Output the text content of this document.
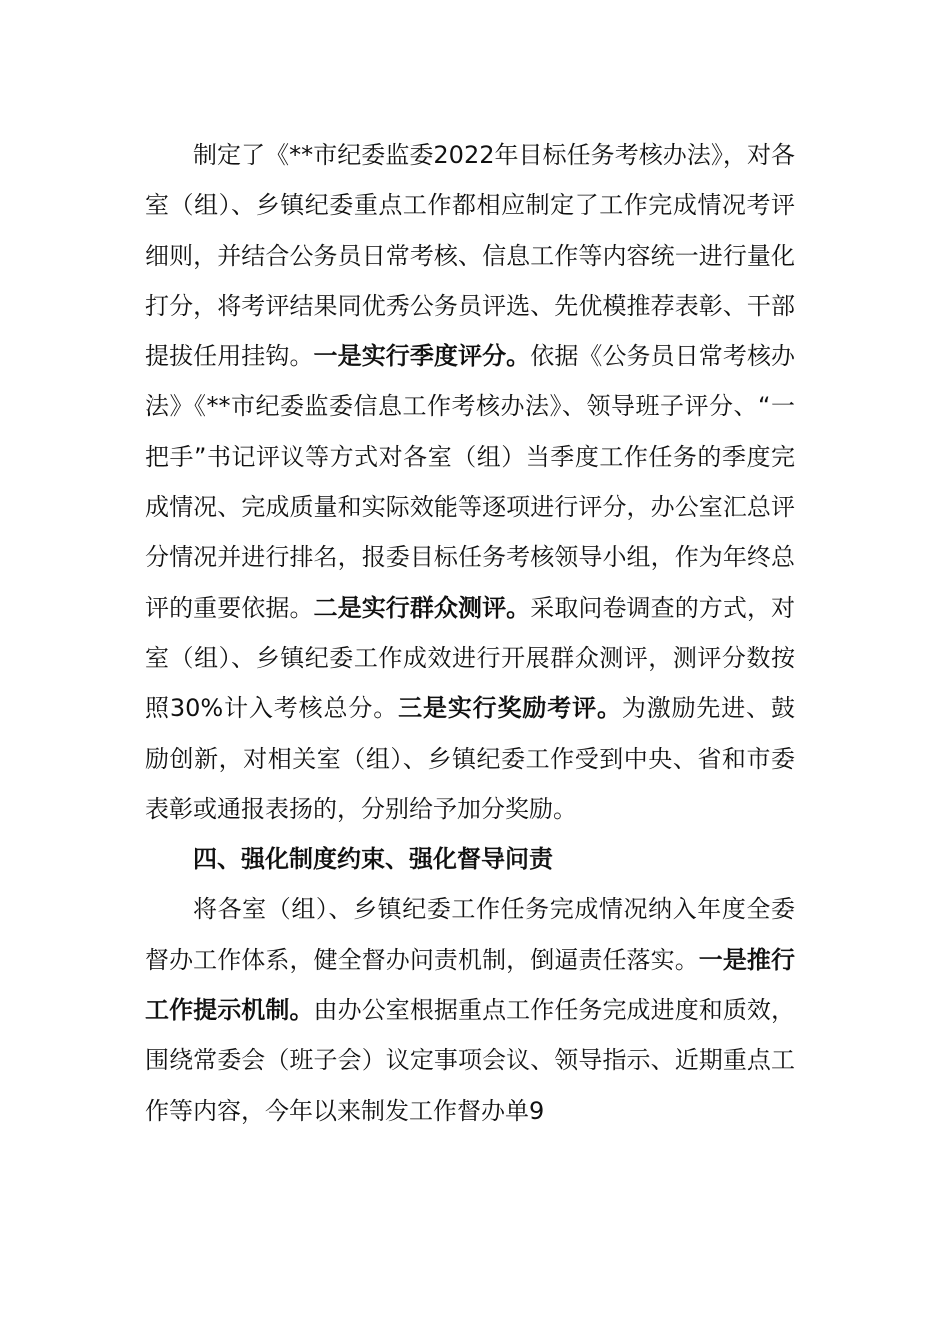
制定了《**市纪委监委2022年目标任务考核办法》，对各室（组）、乡镇纪委重点工作都相应制定了工作完成情况考评细则，并结合公务员日常考核、信息工作等内容统一进行量化打分，将考评结果同优秀公务员评选、先优模推荐表彰、干部提拔任用挂钩。一是实行季度评分。依据《公务员日常考核办法》《**市纪委监委信息工作考核办法》、领导班子评分、“一把手”书记评议等方式对各室（组）当季度工作任务的季度完成情况、完成质量和实际效能等逐项进行评分，办公室汇总评分情况并进行排名，报委目标任务考核领导小组，作为年终总评的重要依据。二是实行群众测评。采取问卷调查的方式，对室（组）、乡镇纪委工作成效进行开展群众测评，测评分数按照30%计入考核总分。三是实行奖励考评。为激励先进、鼓励创新，对相关室（组）、乡镇纪委工作受到中央、省和市委表彰或通报表扬的，分别给予加分奖励。

四、强化制度约束、强化督导问责

将各室（组）、乡镇纪委工作任务完成情况纳入年度全委督办工作体系，健全督办问责机制，倒逼责任落实。一是推行工作提示机制。由办公室根据重点工作任务完成进度和质效，围绕常委会（班子会）议定事项会议、领导指示、近期重点工作等内容，今年以来制发工作督办单9
